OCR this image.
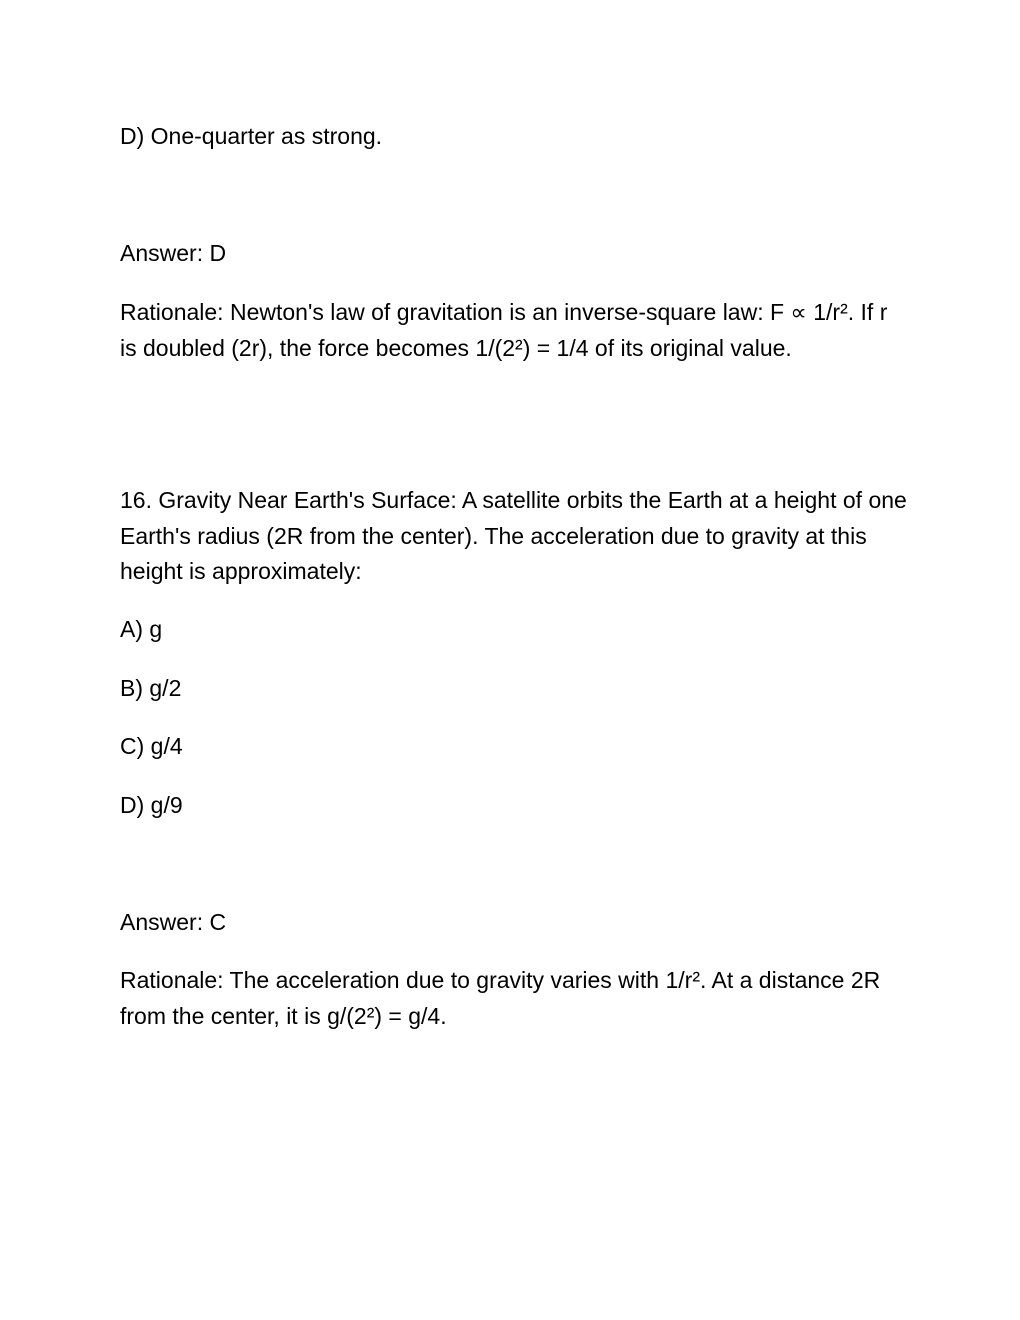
D) One-quarter as strong.
Answer: D
Rationale: Newton's law of gravitation is an inverse-square law: F ∝ 1/r². If r is doubled (2r), the force becomes 1/(2²) = 1/4 of its original value.
16. Gravity Near Earth's Surface: A satellite orbits the Earth at a height of one Earth's radius (2R from the center). The acceleration due to gravity at this height is approximately:
A) g
B) g/2
C) g/4
D) g/9
Answer: C
Rationale: The acceleration due to gravity varies with 1/r². At a distance 2R from the center, it is g/(2²) = g/4.
